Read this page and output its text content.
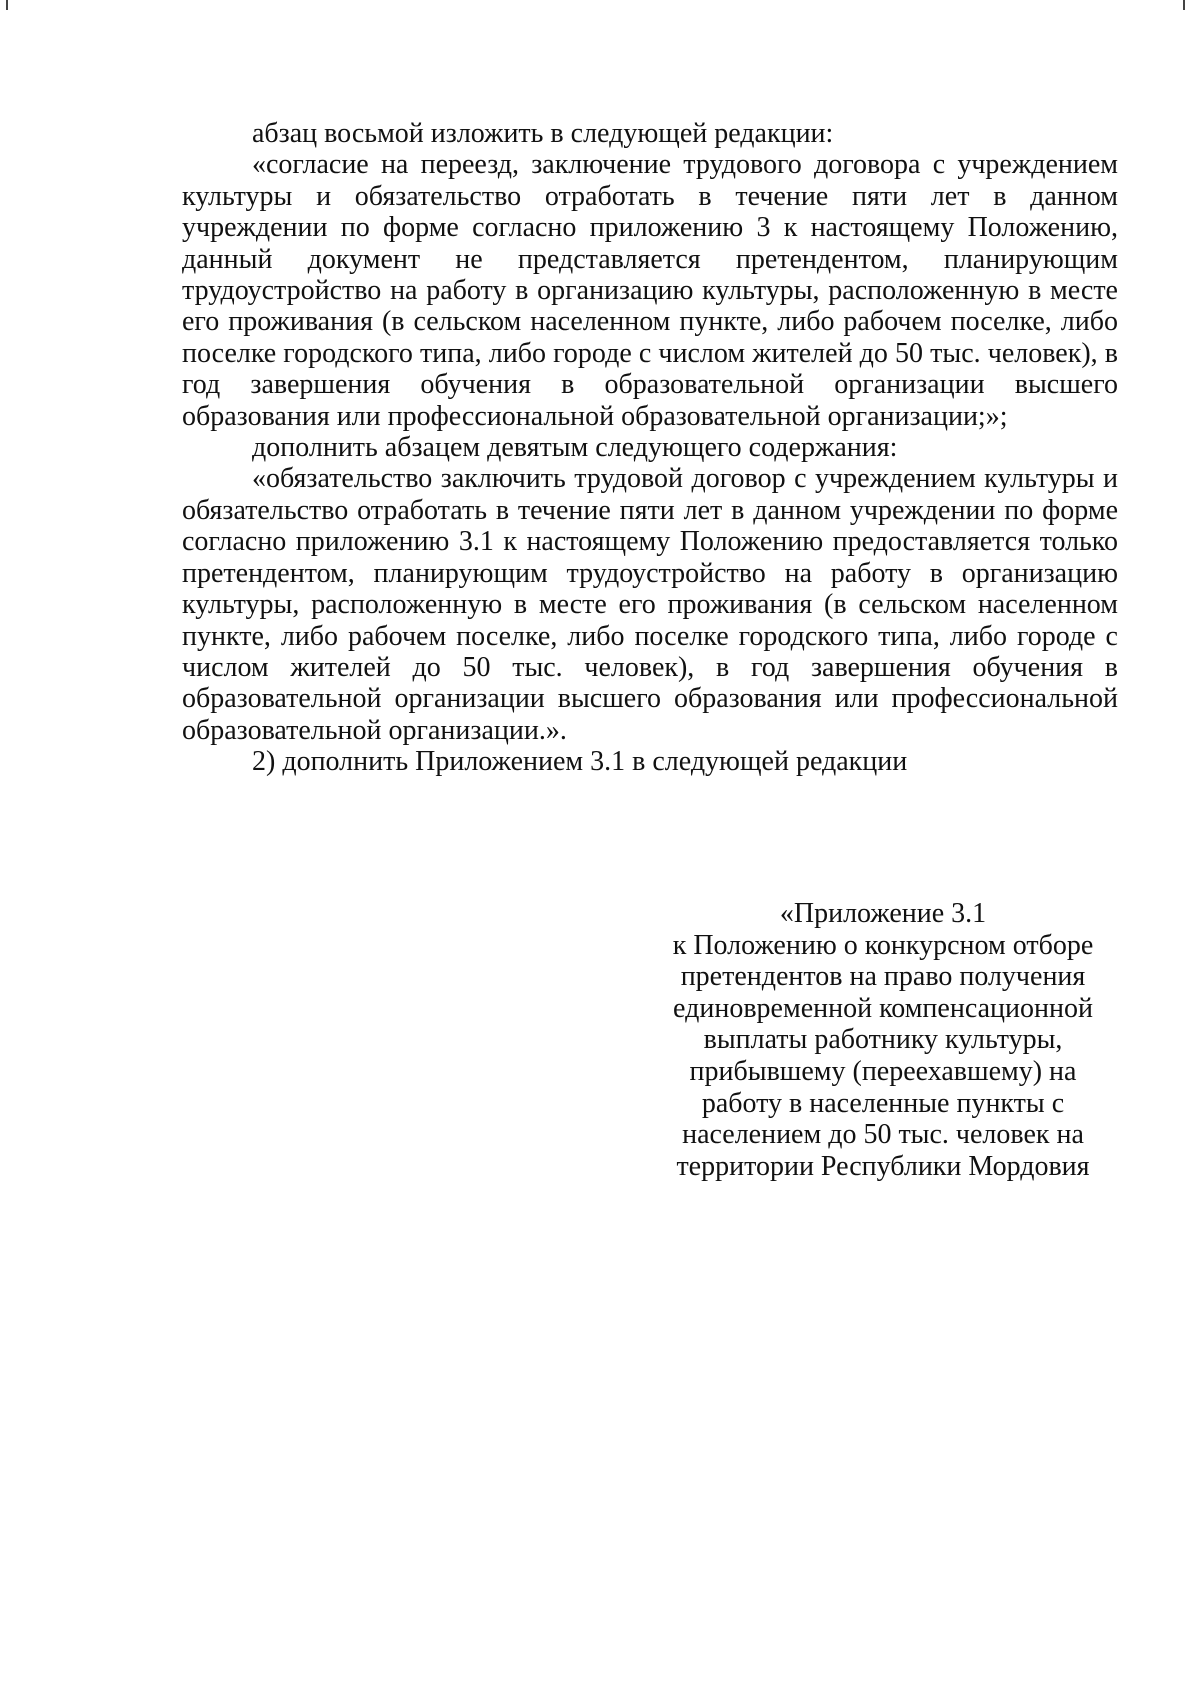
абзац восьмой изложить в следующей редакции:

«согласие на переезд, заключение трудового договора с учреждением культуры и обязательство отработать в течение пяти лет в данном учреждении по форме согласно приложению 3 к настоящему Положению, данный документ не представляется претендентом, планирующим трудоустройство на работу в организацию культуры, расположенную в месте его проживания (в сельском населенном пункте, либо рабочем поселке, либо поселке городского типа, либо городе с числом жителей до 50 тыс. человек), в год завершения обучения в образовательной организации высшего образования или профессиональной образовательной организации;»;

дополнить абзацем девятым следующего содержания:

«обязательство заключить трудовой договор с учреждением культуры и обязательство отработать в течение пяти лет в данном учреждении по форме согласно приложению 3.1 к настоящему Положению предоставляется только претендентом, планирующим трудоустройство на работу в организацию культуры, расположенную в месте его проживания (в сельском населенном пункте, либо рабочем поселке, либо поселке городского типа, либо городе с числом жителей до 50 тыс. человек), в год завершения обучения в образовательной организации высшего образования или профессиональной образовательной организации.».

2) дополнить Приложением 3.1 в следующей редакции

«Приложение 3.1
к Положению о конкурсном отборе
претендентов на право получения
единовременной компенсационной
выплаты работнику культуры,
прибывшему (переехавшему) на
работу в населенные пункты с
населением до 50 тыс. человек на
территории Республики Мордовия
